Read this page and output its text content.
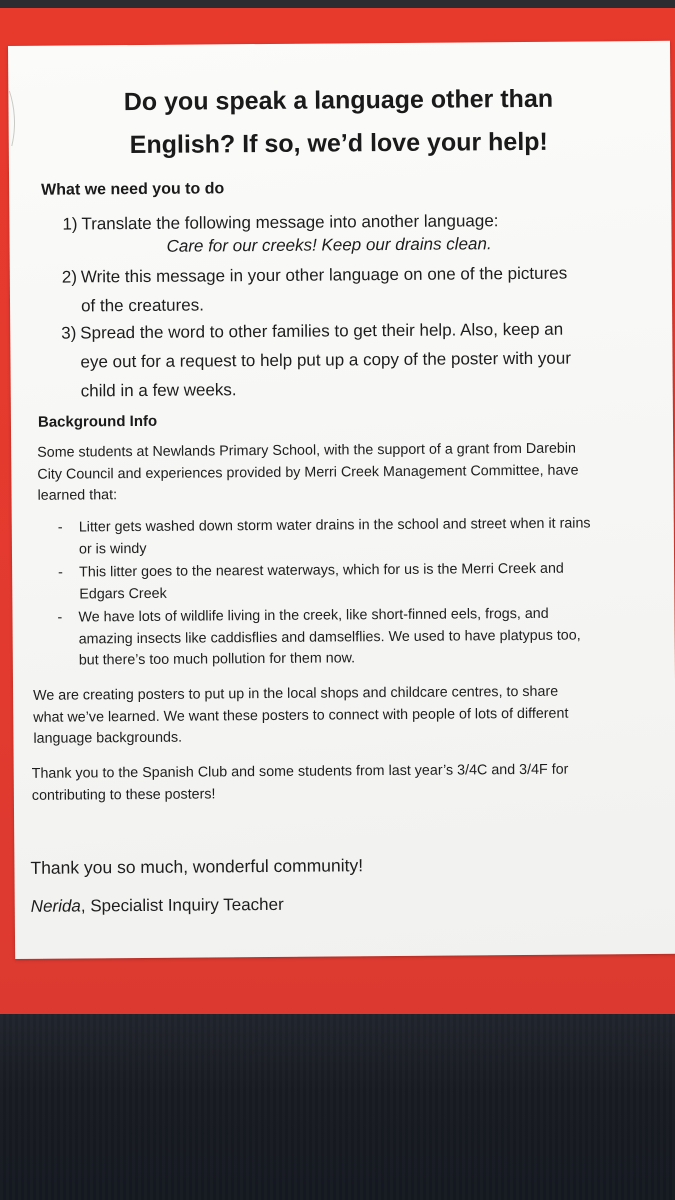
Do you speak a language other than
English? If so, we’d love your help!
What we need you to do
1) Translate the following message into another language:
Care for our creeks! Keep our drains clean.
2) Write this message in your other language on one of the pictures
of the creatures.
3) Spread the word to other families to get their help. Also, keep an
eye out for a request to help put up a copy of the poster with your
child in a few weeks.
Background Info
Some students at Newlands Primary School, with the support of a grant from Darebin
City Council and experiences provided by Merri Creek Management Committee, have
learned that:
- Litter gets washed down storm water drains in the school and street when it rains
or is windy
- This litter goes to the nearest waterways, which for us is the Merri Creek and
Edgars Creek
- We have lots of wildlife living in the creek, like short-finned eels, frogs, and
amazing insects like caddisflies and damselflies. We used to have platypus too,
but there’s too much pollution for them now.
We are creating posters to put up in the local shops and childcare centres, to share
what we’ve learned. We want these posters to connect with people of lots of different
language backgrounds.
Thank you to the Spanish Club and some students from last year’s 3/4C and 3/4F for
contributing to these posters!
Thank you so much, wonderful community!
Nerida, Specialist Inquiry Teacher
